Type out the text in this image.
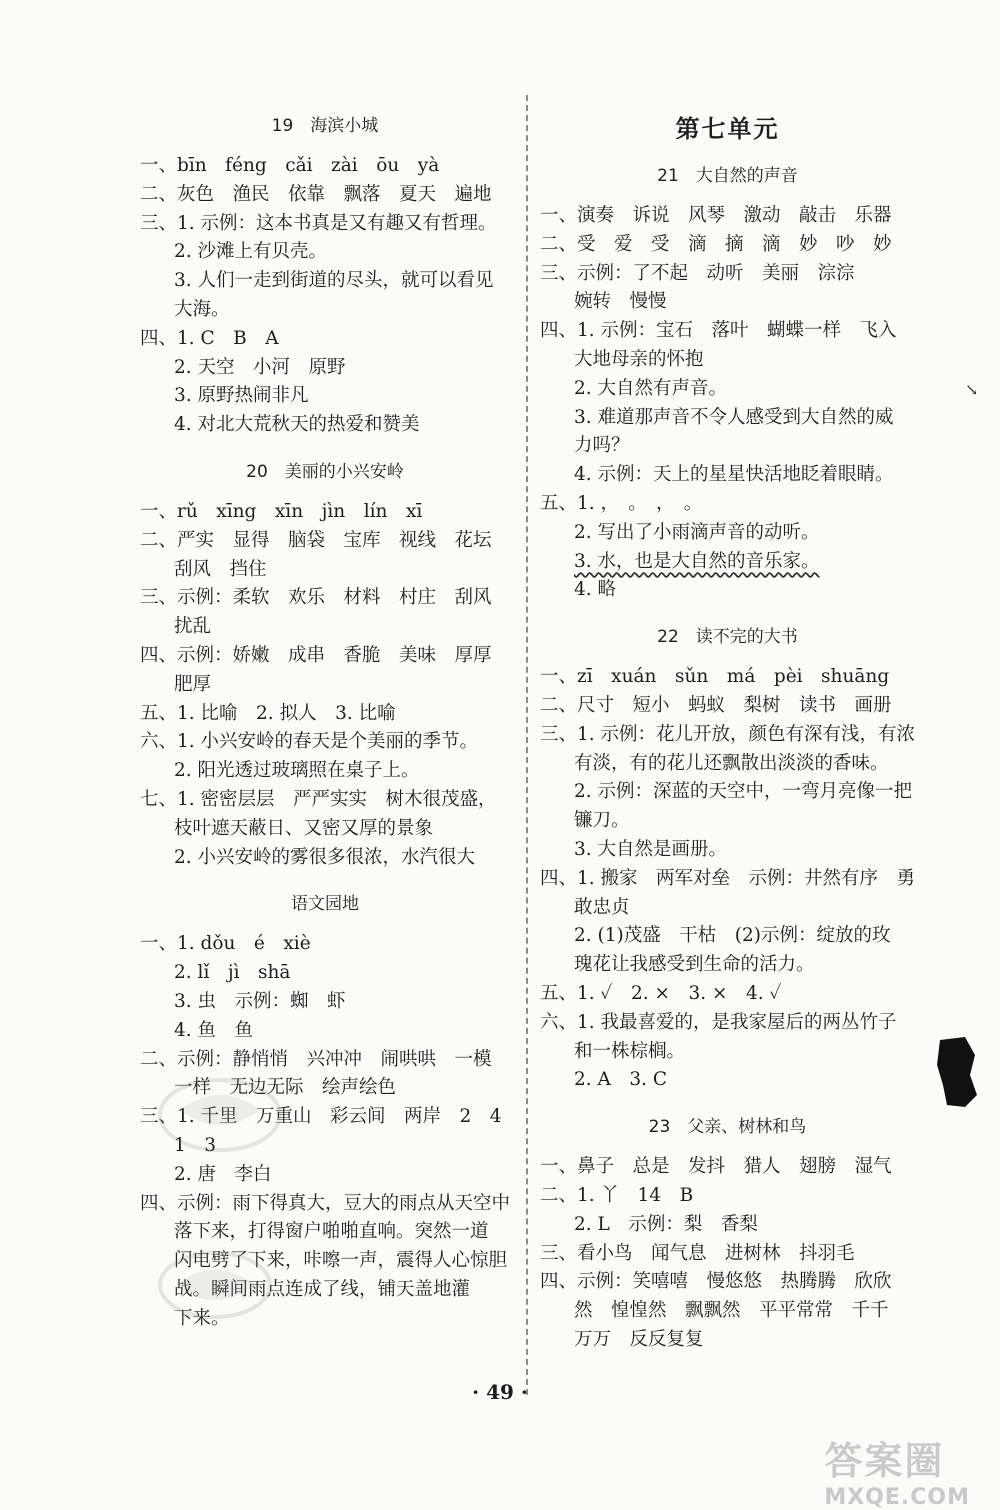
19　海滨小城
一、bīn　féng　cǎi　zài　ōu　yà
二、灰色　渔民　依靠　飘落　夏天　遍地
三、1. 示例：这本书真是又有趣又有哲理。
2. 沙滩上有贝壳。
3. 人们一走到街道的尽头，就可以看见
大海。
四、1. C　B　A
2. 天空　小河　原野
3. 原野热闹非凡
4. 对北大荒秋天的热爱和赞美
20　美丽的小兴安岭
一、rǔ　xīng　xīn　jìn　lín　xī
二、严实　显得　脑袋　宝库　视线　花坛
刮风　挡住
三、示例：柔软　欢乐　材料　村庄　刮风
扰乱
四、示例：娇嫩　成串　香脆　美味　厚厚
肥厚
五、1. 比喻　2. 拟人　3. 比喻
六、1. 小兴安岭的春天是个美丽的季节。
2. 阳光透过玻璃照在桌子上。
七、1. 密密层层　严严实实　树木很茂盛，
枝叶遮天蔽日、又密又厚的景象
2. 小兴安岭的雾很多很浓，水汽很大
语文园地
一、1. dǒu　é　xiè
2. lǐ　jì　shā
3. 虫　示例：蜘　虾
4. 鱼　鱼
二、示例：静悄悄　兴冲冲　闹哄哄　一模
一样　无边无际　绘声绘色
三、1. 千里　万重山　彩云间　两岸　2　4
1　3
2. 唐　李白
四、示例：雨下得真大，豆大的雨点从天空中
落下来，打得窗户啪啪直响。突然一道
闪电劈了下来，咔嚓一声，震得人心惊胆
战。瞬间雨点连成了线，铺天盖地灌
下来。
第七单元
21　大自然的声音
一、演奏　诉说　风琴　激动　敲击　乐器
二、受　爱　受　滴　摘　滴　妙　吵　妙
三、示例：了不起　动听　美丽　淙淙
婉转　慢慢
四、1. 示例：宝石　落叶　蝴蝶一样　飞入
大地母亲的怀抱
2. 大自然有声音。
3. 难道那声音不令人感受到大自然的威
力吗？
4. 示例：天上的星星快活地眨着眼睛。
五、1. ，　。　，　。
2. 写出了小雨滴声音的动听。
3. 水，也是大自然的音乐家。
4. 略
22　读不完的大书
一、zī　xuán　sǔn　má　pèi　shuāng
二、尺寸　短小　蚂蚁　梨树　读书　画册
三、1. 示例：花儿开放，颜色有深有浅，有浓
有淡，有的花儿还飘散出淡淡的香味。
2. 示例：深蓝的天空中，一弯月亮像一把
镰刀。
3. 大自然是画册。
四、1. 搬家　两军对垒　示例：井然有序　勇
敢忠贞
2. (1)茂盛　干枯　(2)示例：绽放的玫
瑰花让我感受到生命的活力。
五、1. ✓　2. ×　3. ×　4. ✓
六、1. 我最喜爱的，是我家屋后的两丛竹子
和一株棕榈。
2. A　3. C
23　父亲、树林和鸟
一、鼻子　总是　发抖　猎人　翅膀　湿气
二、1. 丫　14　B
2. L　示例：梨　香梨
三、看小鸟　闻气息　进树林　抖羽毛
四、示例：笑嘻嘻　慢悠悠　热腾腾　欣欣
然　惶惶然　飘飘然　平平常常　千千
万万　反反复复
↘
· 49 ·
答案圈
MXQE.COM
